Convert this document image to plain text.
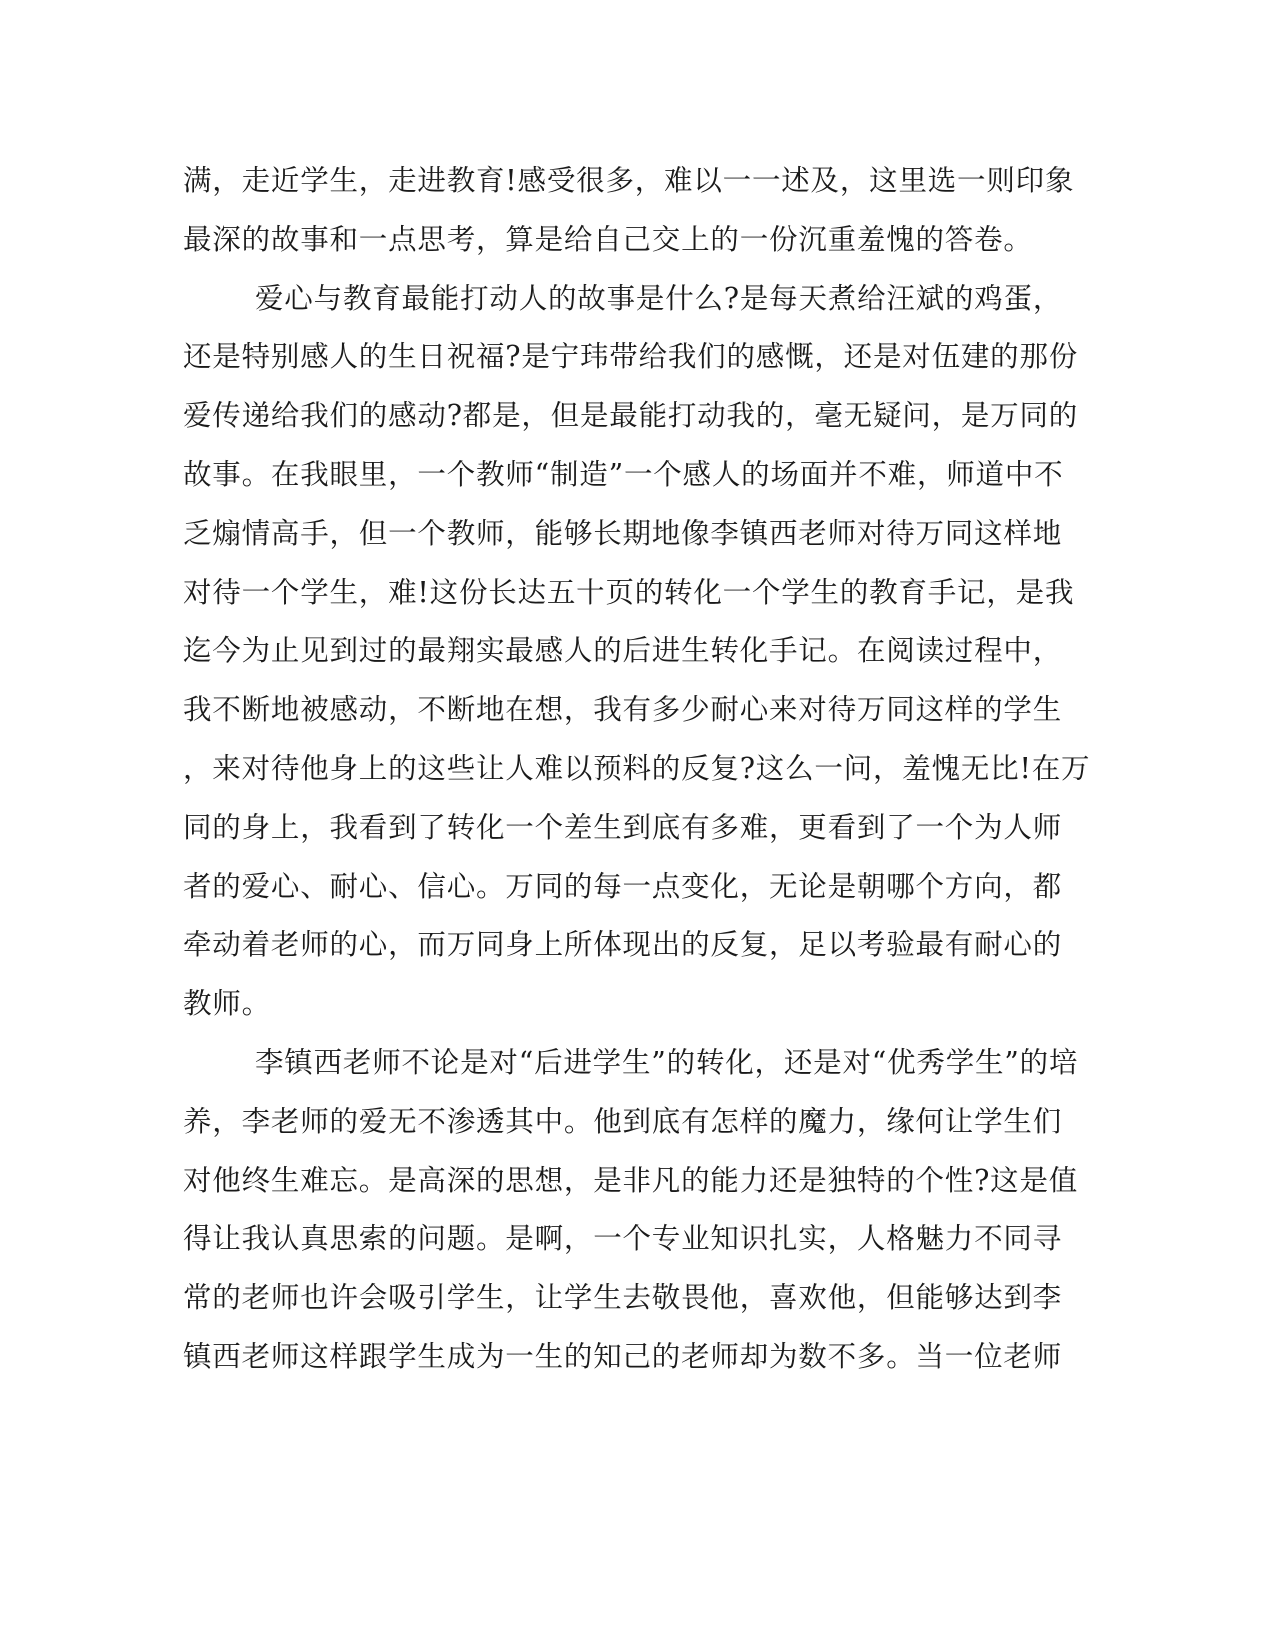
满，走近学生，走进教育!感受很多，难以一一述及，这里选一则印象
最深的故事和一点思考，算是给自己交上的一份沉重羞愧的答卷。
爱心与教育最能打动人的故事是什么?是每天煮给汪斌的鸡蛋，
还是特别感人的生日祝福?是宁玮带给我们的感慨，还是对伍建的那份
爱传递给我们的感动?都是，但是最能打动我的，毫无疑问，是万同的
故事。在我眼里，一个教师“制造”一个感人的场面并不难，师道中不
乏煽情高手，但一个教师，能够长期地像李镇西老师对待万同这样地
对待一个学生，难!这份长达五十页的转化一个学生的教育手记，是我
迄今为止见到过的最翔实最感人的后进生转化手记。在阅读过程中，
我不断地被感动，不断地在想，我有多少耐心来对待万同这样的学生
，来对待他身上的这些让人难以预料的反复?这么一问，羞愧无比!在万
同的身上，我看到了转化一个差生到底有多难，更看到了一个为人师
者的爱心、耐心、信心。万同的每一点变化，无论是朝哪个方向，都
牵动着老师的心，而万同身上所体现出的反复，足以考验最有耐心的
教师。
李镇西老师不论是对“后进学生”的转化，还是对“优秀学生”的培
养，李老师的爱无不渗透其中。他到底有怎样的魔力，缘何让学生们
对他终生难忘。是高深的思想，是非凡的能力还是独特的个性?这是值
得让我认真思索的问题。是啊，一个专业知识扎实，人格魅力不同寻
常的老师也许会吸引学生，让学生去敬畏他，喜欢他，但能够达到李
镇西老师这样跟学生成为一生的知己的老师却为数不多。当一位老师
